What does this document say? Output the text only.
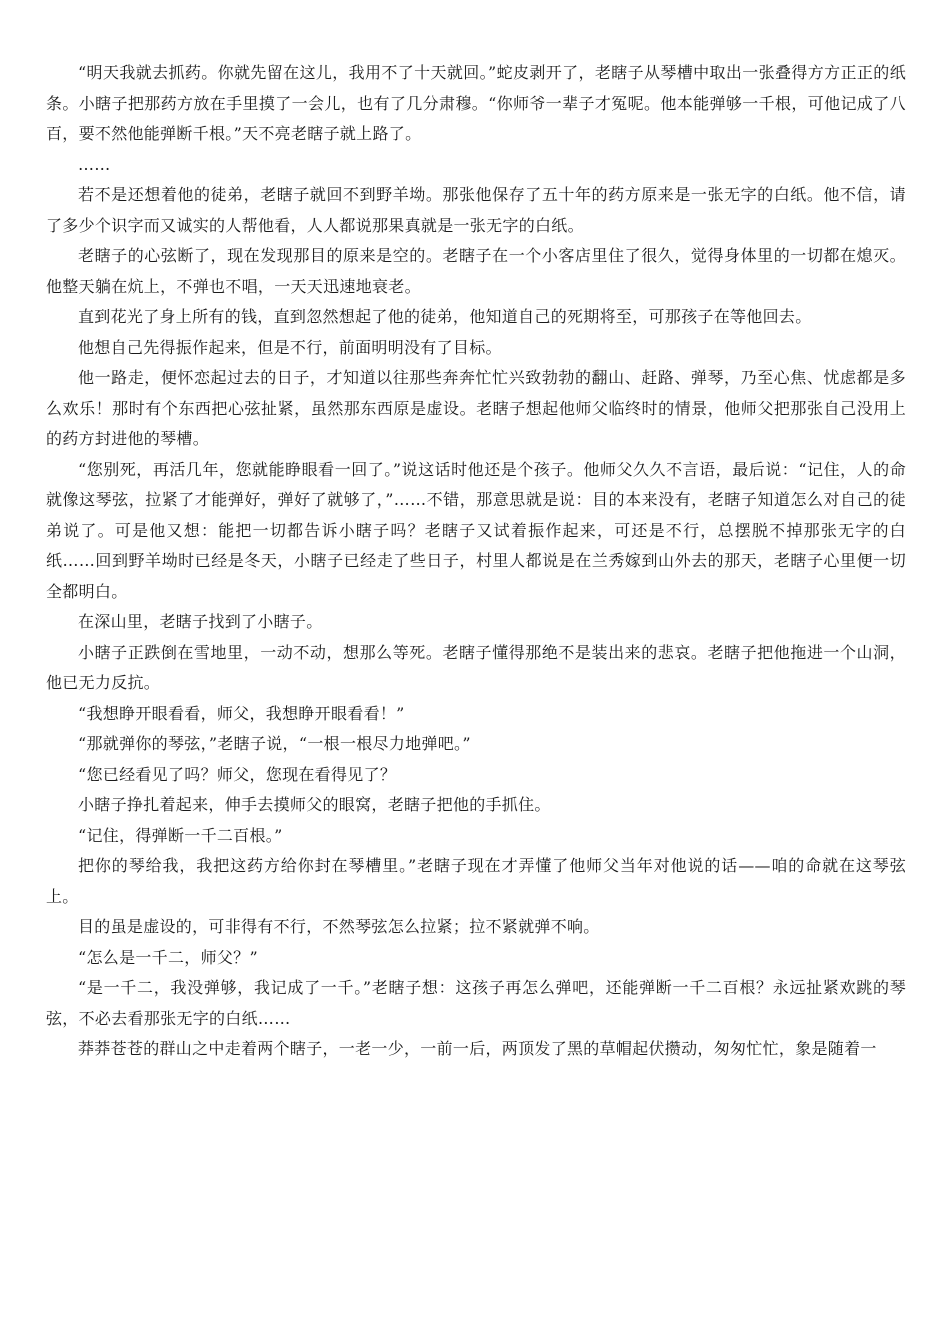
“明天我就去抓药。你就先留在这儿，我用不了十天就回。”蛇皮剥开了，老瞎子从琴槽中取出一张叠得方方正正的纸条。小瞎子把那药方放在手里摸了一会儿，也有了几分肃穆。“你师爷一辈子才冤呢。他本能弹够一千根，可他记成了八百，要不然他能弹断千根。”天不亮老瞎子就上路了。

……

若不是还想着他的徒弟，老瞎子就回不到野羊坳。那张他保存了五十年的药方原来是一张无字的白纸。他不信，请了多少个识字而又诚实的人帮他看，人人都说那果真就是一张无字的白纸。

老瞎子的心弦断了，现在发现那目的原来是空的。老瞎子在一个小客店里住了很久，觉得身体里的一切都在熄灭。他整天躺在炕上，不弹也不唱，一天天迅速地衰老。

直到花光了身上所有的钱，直到忽然想起了他的徒弟，他知道自己的死期将至，可那孩子在等他回去。

他想自己先得振作起来，但是不行，前面明明没有了目标。

他一路走，便怀恋起过去的日子，才知道以往那些奔奔忙忙兴致勃勃的翻山、赶路、弹琴，乃至心焦、忧虑都是多么欢乐！那时有个东西把心弦扯紧，虽然那东西原是虚设。老瞎子想起他师父临终时的情景，他师父把那张自己没用上的药方封进他的琴槽。

“您别死，再活几年，您就能睁眼看一回了。”说这话时他还是个孩子。他师父久久不言语，最后说：“记住，人的命就像这琴弦，拉紧了才能弹好，弹好了就够了，”……不错，那意思就是说：目的本来没有，老瞎子知道怎么对自己的徒弟说了。可是他又想：能把一切都告诉小瞎子吗？老瞎子又试着振作起来，可还是不行，总摆脱不掉那张无字的白纸……回到野羊坳时已经是冬天，小瞎子已经走了些日子，村里人都说是在兰秀嫁到山外去的那天，老瞎子心里便一切全都明白。

在深山里，老瞎子找到了小瞎子。

小瞎子正跌倒在雪地里，一动不动，想那么等死。老瞎子懂得那绝不是装出来的悲哀。老瞎子把他拖进一个山洞，他已无力反抗。

“我想睁开眼看看，师父，我想睁开眼看看！”

“那就弹你的琴弦，”老瞎子说，“一根一根尽力地弹吧。”

“您已经看见了吗？师父，您现在看得见了？

小瞎子挣扎着起来，伸手去摸师父的眼窝，老瞎子把他的手抓住。

“记住，得弹断一千二百根。”

把你的琴给我，我把这药方给你封在琴槽里。”老瞎子现在才弄懂了他师父当年对他说的话——咱的命就在这琴弦上。

目的虽是虚设的，可非得有不行，不然琴弦怎么拉紧；拉不紧就弹不响。

“怎么是一千二，师父？”

“是一千二，我没弹够，我记成了一千。”老瞎子想：这孩子再怎么弹吧，还能弹断一千二百根？永远扯紧欢跳的琴弦，不必去看那张无字的白纸……

莽莽苍苍的群山之中走着两个瞎子，一老一少，一前一后，两顶发了黑的草帽起伏攒动，匆匆忙忙，象是随着一
